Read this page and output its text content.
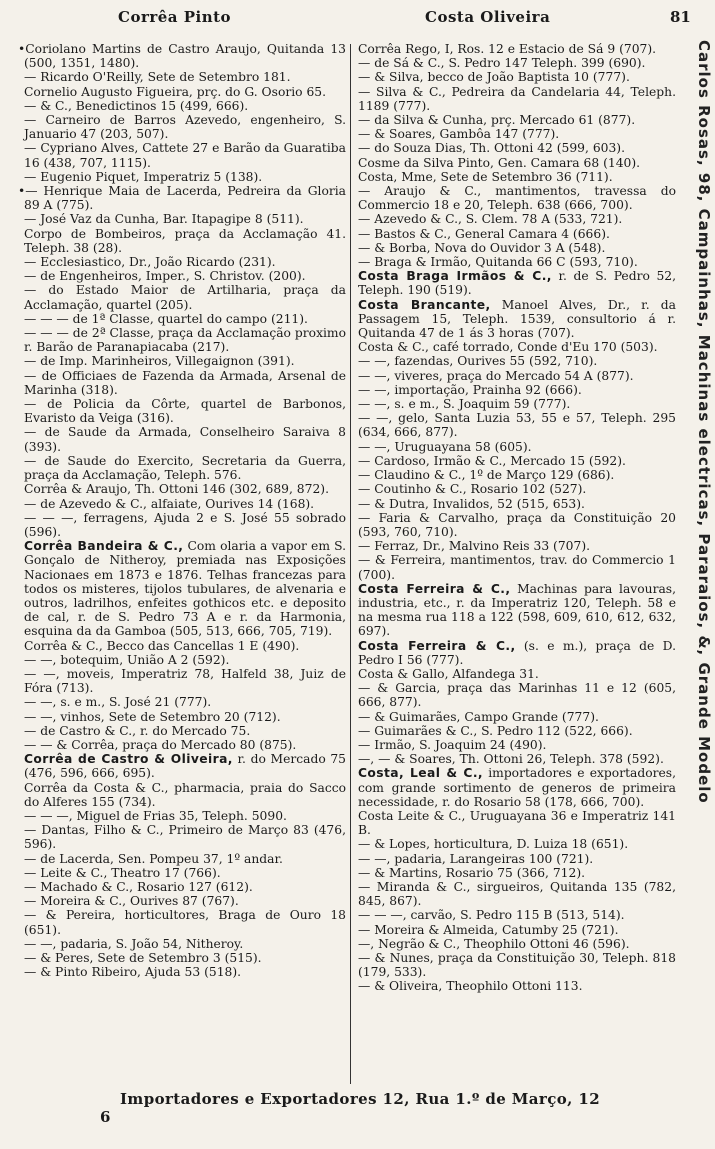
Corrêa Pinto	Costa Oliveira	81

• Coriolano Martins de Castro Araujo, Quitanda 13 (500, 1351, 1480).

— Ricardo O'Reilly, Sete de Setembro 181.

Cornelio Augusto Figueira, prç. do G. Osorio 65.

— & C., Benedictinos 15 (499, 666).

— Carneiro de Barros Azevedo, engenheiro, S. Januario 47 (203, 507).

— Cypriano Alves, Cattete 27 e Barão da Guaratiba 16 (438, 707, 1115).

— Eugenio Piquet, Imperatriz 5 (138).

• — Henrique Maia de Lacerda, Pedreira da Gloria 89 A (775).

— José Vaz da Cunha, Bar. Itapagipe 8 (511).

Corpo de Bombeiros, praça da Acclamação 41. Teleph. 38 (28).

— Ecclesiastico, Dr., João Ricardo (231).

— de Engenheiros, Imper., S. Christov. (200).

— do Estado Maior de Artilharia, praça da Acclamação, quartel (205).

— — — de 1ª Classe, quartel do campo (211).

— — — de 2ª Classe, praça da Acclamação proximo r. Barão de Paranapiacaba (217).

— de Imp. Marinheiros, Villegaignon (391).

— de Officiaes de Fazenda da Armada, Arsenal de Marinha (318).

— de Policia da Côrte, quartel de Barbonos, Evaristo da Veiga (316).

— de Saude da Armada, Conselheiro Saraiva 8 (393).

— de Saude do Exercito, Secretaria da Guerra, praça da Acclamação, Teleph. 576.

Corrêa & Araujo, Th. Ottoni 146 (302, 689, 872).

— de Azevedo & C., alfaiate, Ourives 14 (168).

— — —, ferragens, Ajuda 2 e S. José 55 sobrado (596).

Corrêa Bandeira & C., Com olaria a vapor em S. Gonçalo de Nitheroy, premiada nas Exposições Nacionaes em 1873 e 1876. Telhas francezas para todos os misteres, tijolos tubulares, de alvenaria e outros, ladrilhos, enfeites gothicos etc. e deposito de cal, r. de S. Pedro 73 A e r. da Harmonia, esquina da da Gamboa (505, 513, 666, 705, 719).

Corrêa & C., Becco das Cancellas 1 E (490).

— —, botequim, União A 2 (592).

— —, moveis, Imperatriz 78, Halfeld 38, Juiz de Fóra (713).

— —, s. e m., S. José 21 (777).

— —, vinhos, Sete de Setembro 20 (712).

— de Castro & C., r. do Mercado 75.

— — & Corrêa, praça do Mercado 80 (875).

Corrêa de Castro & Oliveira, r. do Mercado 75 (476, 596, 666, 695).

Corrêa da Costa & C., pharmacia, praia do Sacco do Alferes 155 (734).

— — —, Miguel de Frias 35, Teleph. 5090.

— Dantas, Filho & C., Primeiro de Março 83 (476, 596).

— de Lacerda, Sen. Pompeu 37, 1º andar.

— Leite & C., Theatro 17 (766).

— Machado & C., Rosario 127 (612).

— Moreira & C., Ourives 87 (767).

— & Pereira, horticultores, Braga de Ouro 18 (651).

— —, padaria, S. João 54, Nitheroy.

— & Peres, Sete de Setembro 3 (515).

— & Pinto Ribeiro, Ajuda 53 (518).

Corrêa Rego, I, Ros. 12 e Estacio de Sá 9 (707).

— de Sá & C., S. Pedro 147 Teleph. 399 (690).

— & Silva, becco de João Baptista 10 (777).

— Silva & C., Pedreira da Candelaria 44, Teleph. 1189 (777).

— da Silva & Cunha, prç. Mercado 61 (877).

— & Soares, Gambôa 147 (777).

— do Souza Dias, Th. Ottoni 42 (599, 603).

Cosme da Silva Pinto, Gen. Camara 68 (140).

Costa, Mme, Sete de Setembro 36 (711).

— Araujo & C., mantimentos, travessa do Commercio 18 e 20, Teleph. 638 (666, 700).

— Azevedo & C., S. Clem. 78 A (533, 721).

— Bastos & C., General Camara 4 (666).

— & Borba, Nova do Ouvidor 3 A (548).

— Braga & Irmão, Quitanda 66 C (593, 710).

Costa Braga Irmãos & C., r. de S. Pedro 52, Teleph. 190 (519).

Costa Brancante, Manoel Alves, Dr., r. da Passagem 15, Teleph. 1539, consultorio á r. Quitanda 47 de 1 ás 3 horas (707).

Costa & C., café torrado, Conde d'Eu 170 (503).

— —, fazendas, Ourives 55 (592, 710).

— —, viveres, praça do Mercado 54 A (877).

— —, importação, Prainha 92 (666).

— —, s. e m., S. Joaquim 59 (777).

— —, gelo, Santa Luzia 53, 55 e 57, Teleph. 295 (634, 666, 877).

— —, Uruguayana 58 (605).

— Cardoso, Irmão & C., Mercado 15 (592).

— Claudino & C., 1º de Março 129 (686).

— Coutinho & C., Rosario 102 (527).

— & Dutra, Invalidos, 52 (515, 653).

— Faria & Carvalho, praça da Constituição 20 (593, 760, 710).

— Ferraz, Dr., Malvino Reis 33 (707).

— & Ferreira, mantimentos, trav. do Commercio 1 (700).

Costa Ferreira & C., Machinas para lavouras, industria, etc., r. da Imperatriz 120, Teleph. 58 e na mesma rua 118 a 122 (598, 609, 610, 612, 632, 697).

Costa Ferreira & C., (s. e m.), praça de D. Pedro I 56 (777).

Costa & Gallo, Alfandega 31.

— & Garcia, praça das Marinhas 11 e 12 (605, 666, 877).

— & Guimarães, Campo Grande (777).

— Guimarães & C., S. Pedro 112 (522, 666).

— Irmão, S. Joaquim 24 (490).

—, — & Soares, Th. Ottoni 26, Teleph. 378 (592).

Costa, Leal & C., importadores e exportadores, com grande sortimento de generos de primeira necessidade, r. do Rosario 58 (178, 666, 700).

Costa Leite & C., Uruguayana 36 e Imperatriz 141 B.

— & Lopes, horticultura, D. Luiza 18 (651).

— —, padaria, Larangeiras 100 (721).

— & Martins, Rosario 75 (366, 712).

— Miranda & C., sirgueiros, Quitanda 135 (782, 845, 867).

— — —, carvão, S. Pedro 115 B (513, 514).

— Moreira & Almeida, Catumby 25 (721).

—, Negrão & C., Theophilo Ottoni 46 (596).

— & Nunes, praça da Constituição 30, Teleph. 818 (179, 533).

— & Oliveira, Theophilo Ottoni 113.

Carlos Rosas, 98, Campainhas, Machinas electricas, Pararaios, &, Grande Modelo
Importadores e Exportadores 12, Rua 1.º de Março, 12
6
